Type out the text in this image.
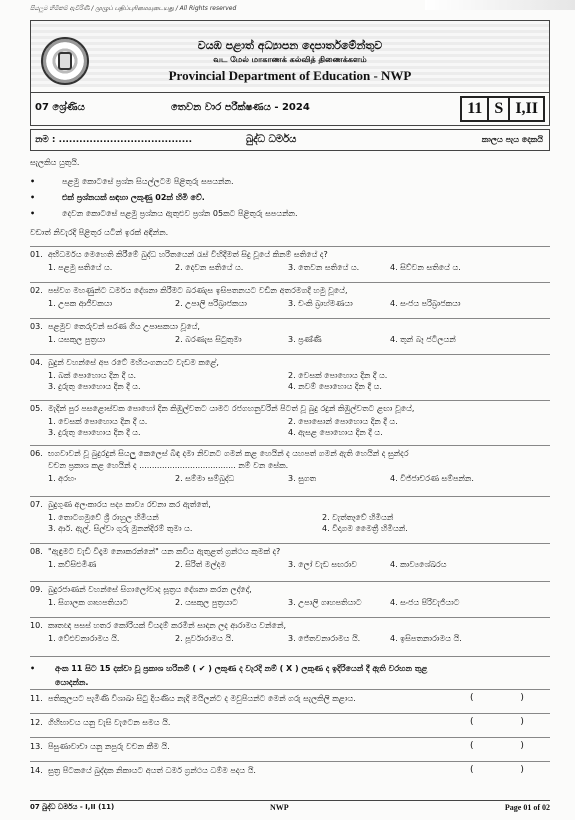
සියලුම හිමිකම් ඇවිරිණි / முழுப் பதிப்புரிமையுடையது / All Rights reserved
වයඹ පළාත් අධ්‍යාපන දෙපාර්තමේන්තුව
வட மேல் மாகாணக் கல்வித் திணைக்களம்
Provincial Department of Education - NWP
07 ශ්‍රේණිය	තෙවන වාර පරීක්ෂණය - 2024	11 S I,II
නම : .......................................	බුද්ධ ධර්මය	කාලය පැය දෙකයි
සැලකිය යුතුයි.
•	පළමු කොටසේ ප්‍රශ්න සියල්ලටම පිළිතුරු සපයන්න.
•	එක් ප්‍රශ්නයක් සඳහා ලකුණු 02ක් හිමි වේ.
•	දෙවන කොටසේ පළමු ප්‍රශ්නය ඇතුළුව ප්‍රශ්න 05කට පිළිතුරු සපයන්න.
වඩාත් නිවැරදි පිළිතුර යටින් ඉරක් අඳින්න.
01. අභිධර්මය මෙහෙති කිරීමේ බුද්ධ හරිතයෙන් රැස් විහිදීමත් සිදු වූයේ කිනම් සතියේ ද?
1. පළමු සතියේ ය.	2. දෙවන සතියේ ය.	3. තෙවන සතියේ ය.	4. සිව්වන සතියේ ය.
02. පස්වග මහණුන්ට ධර්මය දේශනා කිරීමට බරණැස ඉසිපතනයට වඩින අතරමගදී හමු වූයේ,
1. උපක ආජීවකයා	2. උපාලි පරිබ්‍රාජකයා	3. චංකි බ්‍රාහ්මණයා	4. සංජය පරිබ්‍රාජකයා
03. පළමුව තෙරුවන් සරණ ගිය උපාසකයා වූයේ,
1. යසකුල පුත්‍රයා	2. බරණැස සිටුතුමා	3. ප්‍රණ්ණි	4. තුන් බෑ ජටිලයන්
04. බුදුන් වහන්සේ අප රටේ මහියංගනයට වැඩම කළේ,
1. බක් පොහොය දින දී ය.	2. වෙසක් පොහොය දින දී ය.
3. දුරුතු පොහොය දින දී ය.	4. නවම් පොහොය දින දී ය.
05. මැදින් පුර පසළොස්වක පොහෝ දින කිඹුල්වතට යාමට රජගහනුවරින් පිටත් වූ බුදු රදුන් කිඹුල්වතට ළඟා වූයේ,
1. වෙසක් පොහොය දින දී ය.	2. පොසොන් පොහොය දින දී ය.
3. දුරුතු පොහොය දින දී ය.	4. ඇසළ පොහොය දින දී ය.
06. භගවාවන් වූ බුදුරදුන් සියලු කෙලෙස් බිඳ දමා නිවනට ගමන් කළ හෙයින් ද යහපත් ගමන් ඇති හෙයින් ද සුන්දර
වචන ප්‍රකාශ කළ හෙයින් ද ...................................... නම් වන සේක.
1. අරහං	2. සම්මා සම්බුද්ධ	3. සුගත	4. විජ්ජාචරණ සම්පන්න.
07. බුදුගුණ අලංකාරය පද්‍ය කාව්‍ය රචනා කර ඇත්තේ,
1. තොටගමුවේ ශ්‍රී රාහුල හිමියන්	2. වැත්තෑවේ හිමියන්
3. ආර්. ඇල්. සිල්වා ගුරු මුනන්දිරම් තුමා ය.	4. වීදාගම මෛත්‍රී හිමියන්.
08. "ඇඳුමට වැඩි විදෑම නොකරන්නේ" යන කවිය ඇතුළත් ග්‍රන්ථය කුමක් ද?
1. කව්සිළුමිණ	2. සිරිත් මල්දම	3. ලෝ වැඩ සඟරාව	4. කාව්‍යශේඛරය
09. බුදුරජාණන් වහන්සේ සිගාලෝවාද සූත්‍රය දේශනා කරන ලද්දේ,
1. සිගාලක ගෘහපතියාට	2. යසකුල පුත්‍රයාට	3. උපාලි ගෘහපතියාට	4. සංජය පිරිවැජියාට
10. කෘතඥ පසස් හතර කෝරියක් වියදම් කරමින් සාදන ලද ආරාමය වන්නේ,
1. වේළුවනාරාමය යි.	2. පූර්වාරාමය යි.	3. ජේතවනාරාමය යි.	4. ඉසිපතනාරාමය යි.
• අංක 11 සිට 15 දක්වා වූ ප්‍රකාශ හරිනම් ( ✔ ) ලකුණ ද වැරදි නම් ( X ) ලකුණ ද ඉදිරියෙන් දී ඇති වරහන තුළ
යොදන්න.
11. පතිකුලයට පැමිණි විශාඛා සිටු දියණිය නැදි මයිලන්ට ද මවුපියන්ට මෙන් ගරු සැලකිලි කළාය.	( )
12. ගිහිභාවය යනු වැසි වැටෙන සමය යි.	( )
13. පිසුණාවාචා යනු නපුරු වචන කීම යි.	( )
14. සුත්‍ර පිටකයේ බුද්දක නිකායට අයත් ධර්ම ග්‍රන්ථය ධම්ම පදය යි.	( )
07 බුද්ධ ධර්මය - I,II (11)	NWP	Page 01 of 02
